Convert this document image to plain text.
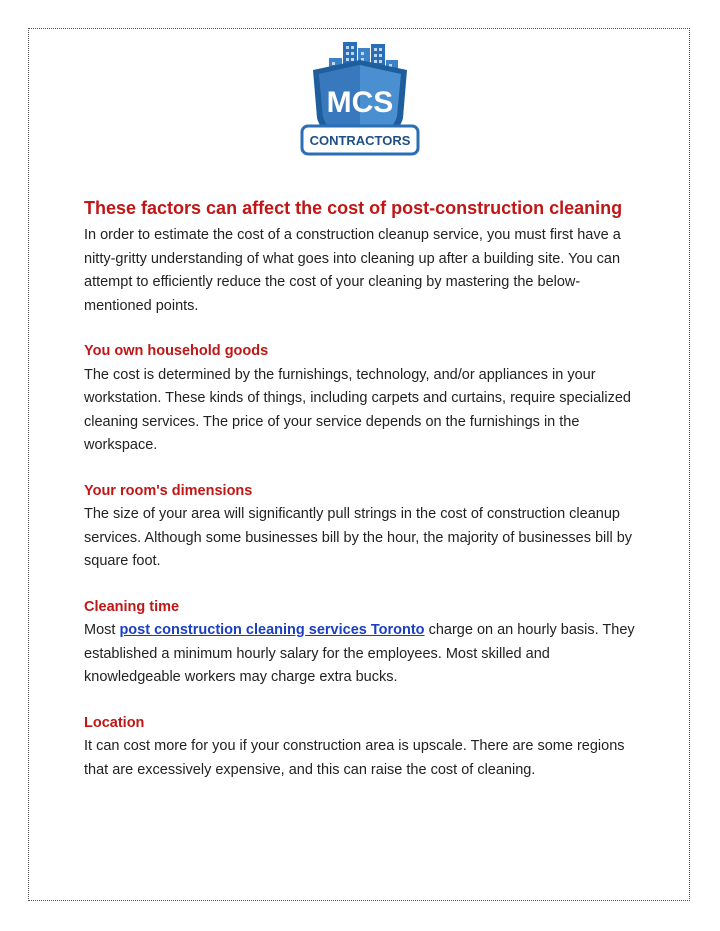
MCS
CONTRACTORS
These factors can affect the cost of post-construction cleaning

In order to estimate the cost of a construction cleanup service, you must first have a nitty-gritty understanding of what goes into cleaning up after a building site. You can attempt to efficiently reduce the cost of your cleaning by mastering the below-mentioned points.

You own household goods

The cost is determined by the furnishings, technology, and/or appliances in your workstation. These kinds of things, including carpets and curtains, require specialized cleaning services. The price of your service depends on the furnishings in the workspace.

Your room's dimensions

The size of your area will significantly pull strings in the cost of construction cleanup services. Although some businesses bill by the hour, the majority of businesses bill by square foot.

Cleaning time

Most post construction cleaning services Toronto charge on an hourly basis. They established a minimum hourly salary for the employees. Most skilled and knowledgeable workers may charge extra bucks.

Location

It can cost more for you if your construction area is upscale. There are some regions that are excessively expensive, and this can raise the cost of cleaning.
